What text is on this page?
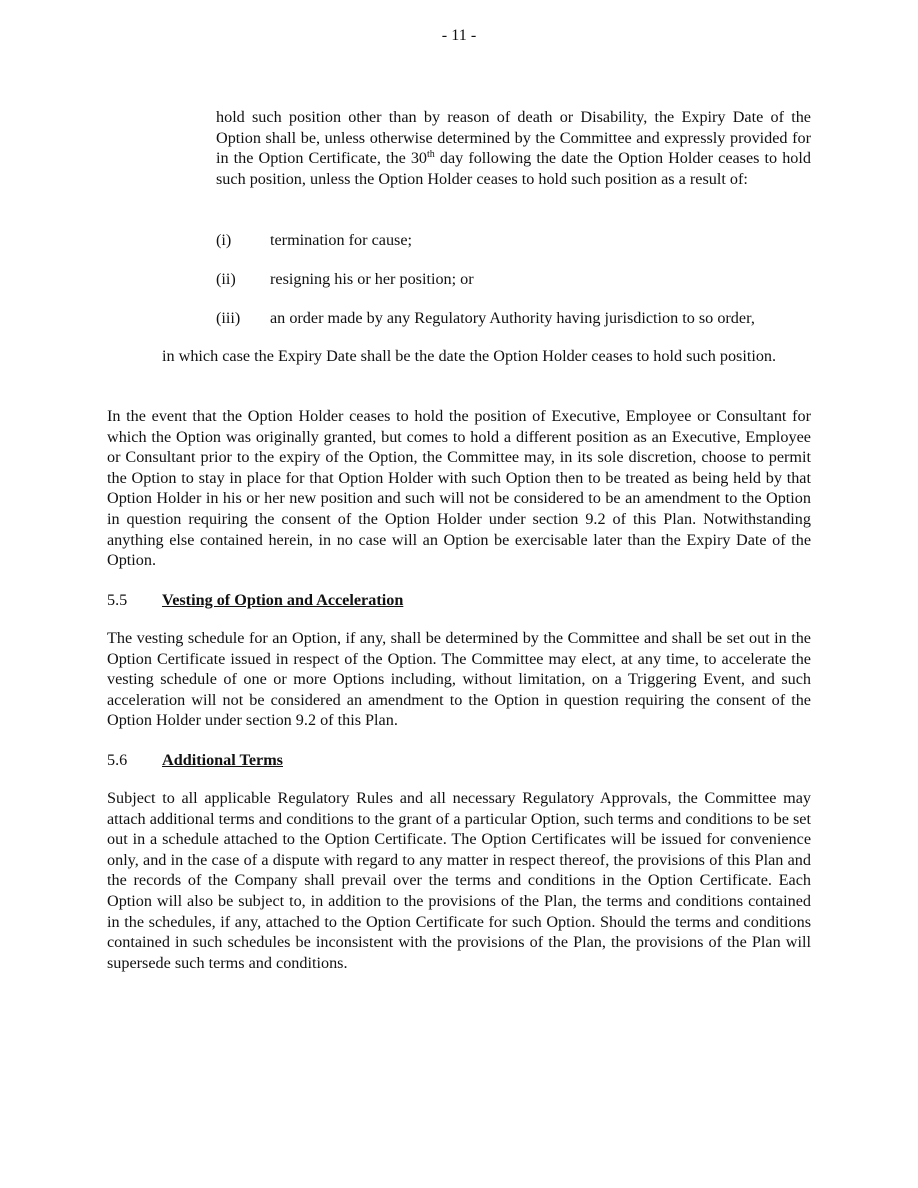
- 11 -
hold such position other than by reason of death or Disability, the Expiry Date of the Option shall be, unless otherwise determined by the Committee and expressly provided for in the Option Certificate, the 30th day following the date the Option Holder ceases to hold such position, unless the Option Holder ceases to hold such position as a result of:
(i) termination for cause;
(ii) resigning his or her position; or
(iii) an order made by any Regulatory Authority having jurisdiction to so order,
in which case the Expiry Date shall be the date the Option Holder ceases to hold such position.
In the event that the Option Holder ceases to hold the position of Executive, Employee or Consultant for which the Option was originally granted, but comes to hold a different position as an Executive, Employee or Consultant prior to the expiry of the Option, the Committee may, in its sole discretion, choose to permit the Option to stay in place for that Option Holder with such Option then to be treated as being held by that Option Holder in his or her new position and such will not be considered to be an amendment to the Option in question requiring the consent of the Option Holder under section 9.2 of this Plan. Notwithstanding anything else contained herein, in no case will an Option be exercisable later than the Expiry Date of the Option.
5.5 Vesting of Option and Acceleration
The vesting schedule for an Option, if any, shall be determined by the Committee and shall be set out in the Option Certificate issued in respect of the Option. The Committee may elect, at any time, to accelerate the vesting schedule of one or more Options including, without limitation, on a Triggering Event, and such acceleration will not be considered an amendment to the Option in question requiring the consent of the Option Holder under section 9.2 of this Plan.
5.6 Additional Terms
Subject to all applicable Regulatory Rules and all necessary Regulatory Approvals, the Committee may attach additional terms and conditions to the grant of a particular Option, such terms and conditions to be set out in a schedule attached to the Option Certificate. The Option Certificates will be issued for convenience only, and in the case of a dispute with regard to any matter in respect thereof, the provisions of this Plan and the records of the Company shall prevail over the terms and conditions in the Option Certificate. Each Option will also be subject to, in addition to the provisions of the Plan, the terms and conditions contained in the schedules, if any, attached to the Option Certificate for such Option. Should the terms and conditions contained in such schedules be inconsistent with the provisions of the Plan, the provisions of the Plan will supersede such terms and conditions.
